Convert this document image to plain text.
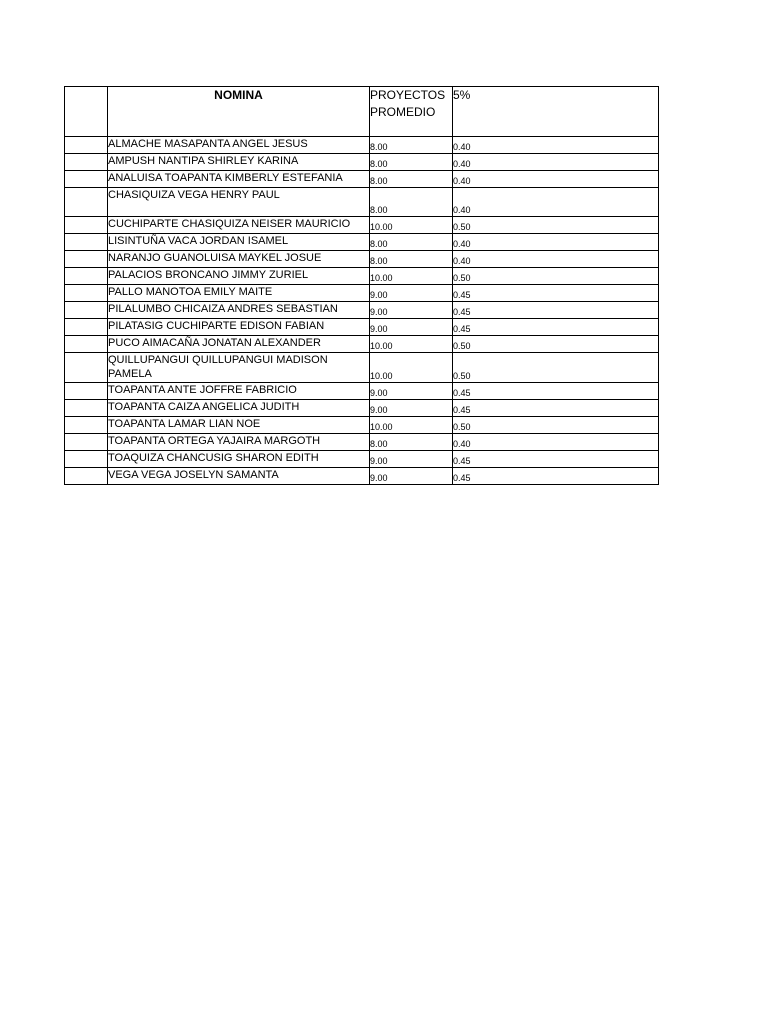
	NOMINA	PROYECTOS PROMEDIO	5%
	ALMACHE MASAPANTA ANGEL JESUS	8.00	0.40
	AMPUSH NANTIPA SHIRLEY KARINA	8.00	0.40
	ANALUISA TOAPANTA KIMBERLY ESTEFANIA	8.00	0.40
	CHASIQUIZA VEGA HENRY PAUL	8.00	0.40
	CUCHIPARTE CHASIQUIZA NEISER MAURICIO	10.00	0.50
	LISINTUÑA VACA JORDAN ISAMEL	8.00	0.40
	NARANJO GUANOLUISA MAYKEL JOSUE	8.00	0.40
	PALACIOS BRONCANO JIMMY ZURIEL	10.00	0.50
	PALLO MANOTOA EMILY MAITE	9.00	0.45
	PILALUMBO CHICAIZA ANDRES SEBASTIAN	9.00	0.45
	PILATASIG CUCHIPARTE EDISON FABIAN	9.00	0.45
	PUCO AIMACAÑA JONATAN ALEXANDER	10.00	0.50
	QUILLUPANGUI QUILLUPANGUI MADISON PAMELA	10.00	0.50
	TOAPANTA ANTE JOFFRE FABRICIO	9.00	0.45
	TOAPANTA CAIZA ANGELICA JUDITH	9.00	0.45
	TOAPANTA LAMAR LIAN NOE	10.00	0.50
	TOAPANTA ORTEGA YAJAIRA MARGOTH	8.00	0.40
	TOAQUIZA CHANCUSIG SHARON EDITH	9.00	0.45
	VEGA VEGA JOSELYN SAMANTA	9.00	0.45
